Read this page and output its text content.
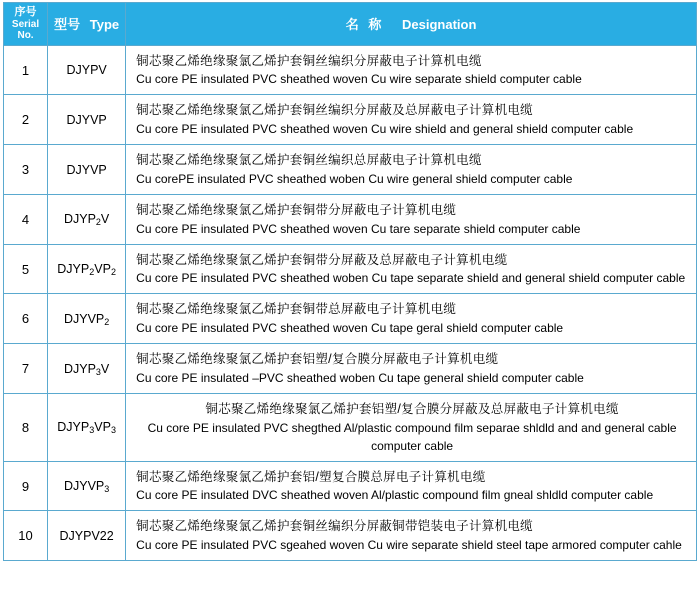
序号
Serial
No.	型号 Type	名 称 Designation
1	DJYPV	铜芯聚乙烯绝缘聚氯乙烯护套铜丝编织分屏蔽电子计算机电缆
Cu core PE insulated PVC sheathed woven Cu wire separate shield computer cable

2	DJYVP	铜芯聚乙烯绝缘聚氯乙烯护套铜丝编织分屏蔽及总屏蔽电子计算机电缆
Cu core PE insulated PVC sheathed woven Cu wire shield and general shield computer cable

3	DJYVP	铜芯聚乙烯绝缘聚氯乙烯护套铜丝编织总屏蔽电子计算机电缆
Cu corePE insulated PVC sheathed woben Cu wire general shield computer cable

4	$DJYP_2V$	铜芯聚乙烯绝缘聚氯乙烯护套铜带分屏蔽电子计算机电缆
Cu core PE insulated PVC sheathed woven Cu tare separate shield computer cable

5	$DJYP_2VP_2$	铜芯聚乙烯绝缘聚氯乙烯护套铜带分屏蔽及总屏蔽电子计算机电缆
Cu core PE insulated PVC sheathed woben Cu tape separate shield and general shield computer cable

6	$DJYVP_2$	铜芯聚乙烯绝缘聚氯乙烯护套铜带总屏蔽电子计算机电缆
Cu core PE insulated PVC sheathed woven Cu tape geral shield computer cable

7	$DJYP_3V$	铜芯聚乙烯绝缘聚氯乙烯护套铝塑/复合膜分屏蔽电子计算机电缆
Cu core PE insulated –PVC sheathed woben Cu tape general shield computer cable

8	$DJYP_3VP_3$	铜芯聚乙烯绝缘聚氯乙烯护套铝塑/复合膜分屏蔽及总屏蔽电子计算机电缆
Cu core PE insulated PVC shegthed Al/plastic compound film separae shldld and and general cable computer cable

9	$DJYVP_3$	铜芯聚乙烯绝缘聚氯乙烯护套铝/塑复合膜总屏电子计算机电缆
Cu core PE insulated DVC sheathed woven Al/plastic compound film gneal shldld computer cable

10	DJYPV22	铜芯聚乙烯绝缘聚氯乙烯护套铜丝编织分屏蔽铜带铠装电子计算机电缆
Cu core PE insulated PVC sgeahed woven Cu wire separate shield steel tape armored computer cahle
